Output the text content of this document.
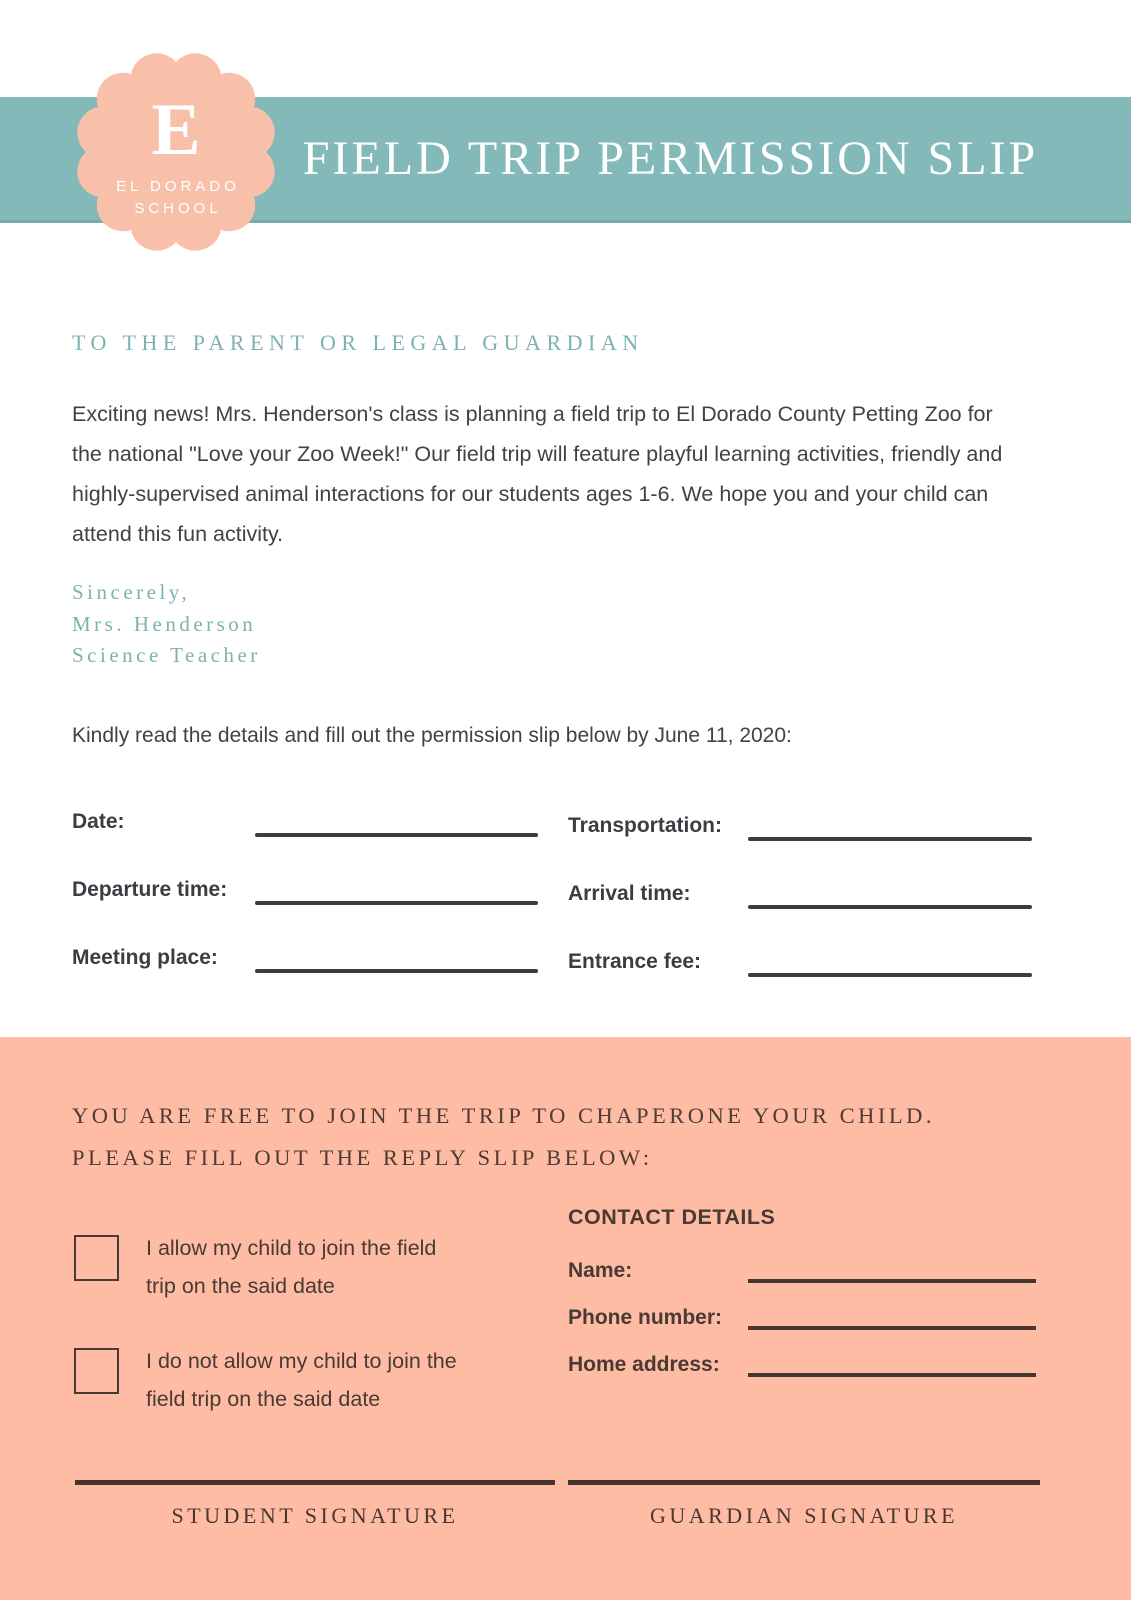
FIELD TRIP PERMISSION SLIP
E
EL DORADO
SCHOOL
TO THE PARENT OR LEGAL GUARDIAN

Exciting news! Mrs. Henderson's class is planning a field trip to El Dorado County Petting Zoo for the national "Love your Zoo Week!" Our field trip will feature playful learning activities, friendly and highly-supervised animal interactions for our students ages 1-6. We hope you and your child can attend this fun activity.

Sincerely,
Mrs. Henderson
Science Teacher
Kindly read the details and fill out the permission slip below by June 11, 2020:
Date:	Transportation:
Departure time:	Arrival time:
Meeting place:	Entrance fee:
YOU ARE FREE TO JOIN THE TRIP TO CHAPERONE YOUR CHILD. PLEASE FILL OUT THE REPLY SLIP BELOW:
I allow my child to join the field trip on the said date
I do not allow my child to join the field trip on the said date
CONTACT DETAILS
Name:
Phone number:
Home address:
STUDENT SIGNATURE	GUARDIAN SIGNATURE
